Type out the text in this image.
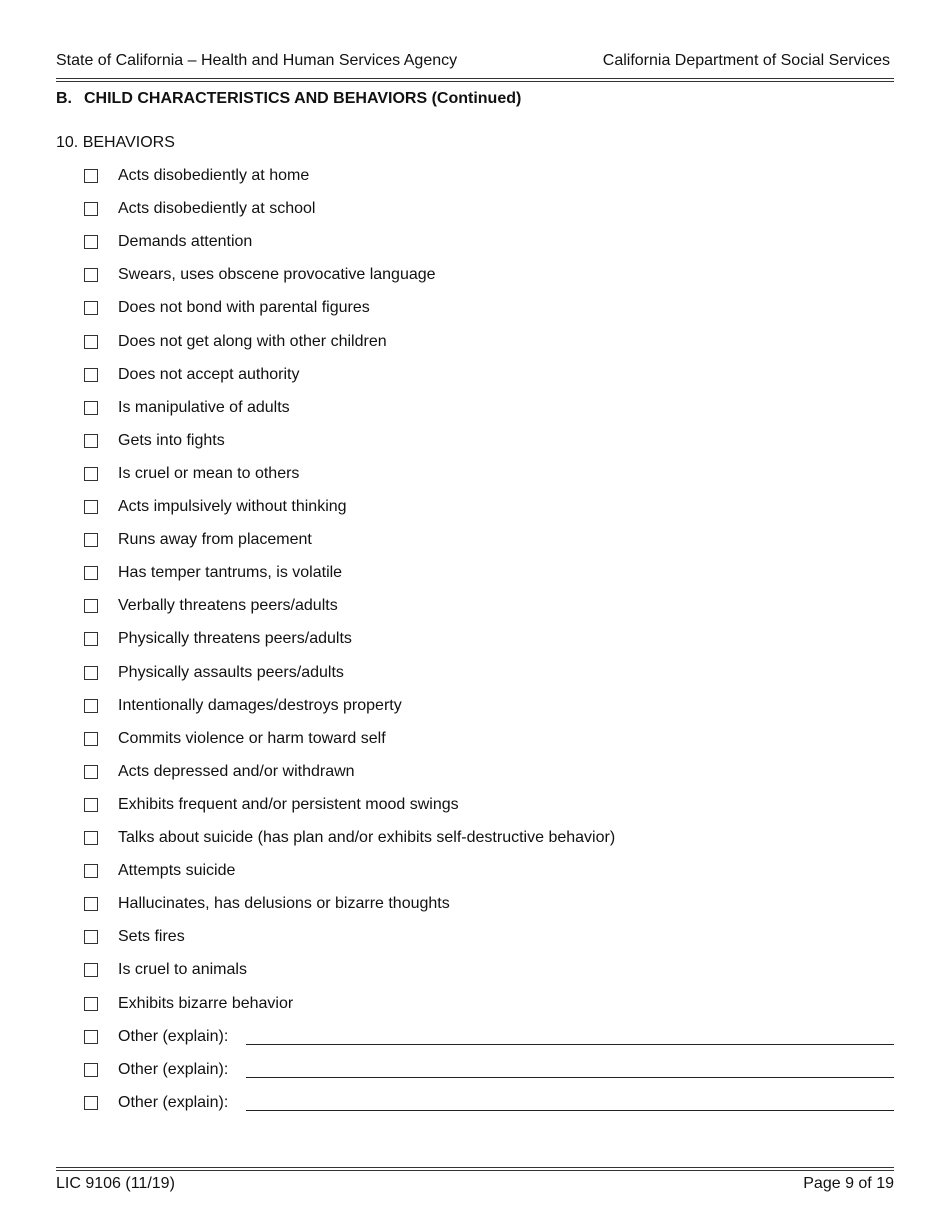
State of California – Health and Human Services Agency	California Department of Social Services
B. CHILD CHARACTERISTICS AND BEHAVIORS (Continued)
10. BEHAVIORS
Acts disobediently at home
Acts disobediently at school
Demands attention
Swears, uses obscene provocative language
Does not bond with parental figures
Does not get along with other children
Does not accept authority
Is manipulative of adults
Gets into fights
Is cruel or mean to others
Acts impulsively without thinking
Runs away from placement
Has temper tantrums, is volatile
Verbally threatens peers/adults
Physically threatens peers/adults
Physically assaults peers/adults
Intentionally damages/destroys property
Commits violence or harm toward self
Acts depressed and/or withdrawn
Exhibits frequent and/or persistent mood swings
Talks about suicide (has plan and/or exhibits self-destructive behavior)
Attempts suicide
Hallucinates, has delusions or bizarre thoughts
Sets fires
Is cruel to animals
Exhibits bizarre behavior
Other (explain):
Other (explain):
Other (explain):
LIC 9106 (11/19)	Page 9 of 19
